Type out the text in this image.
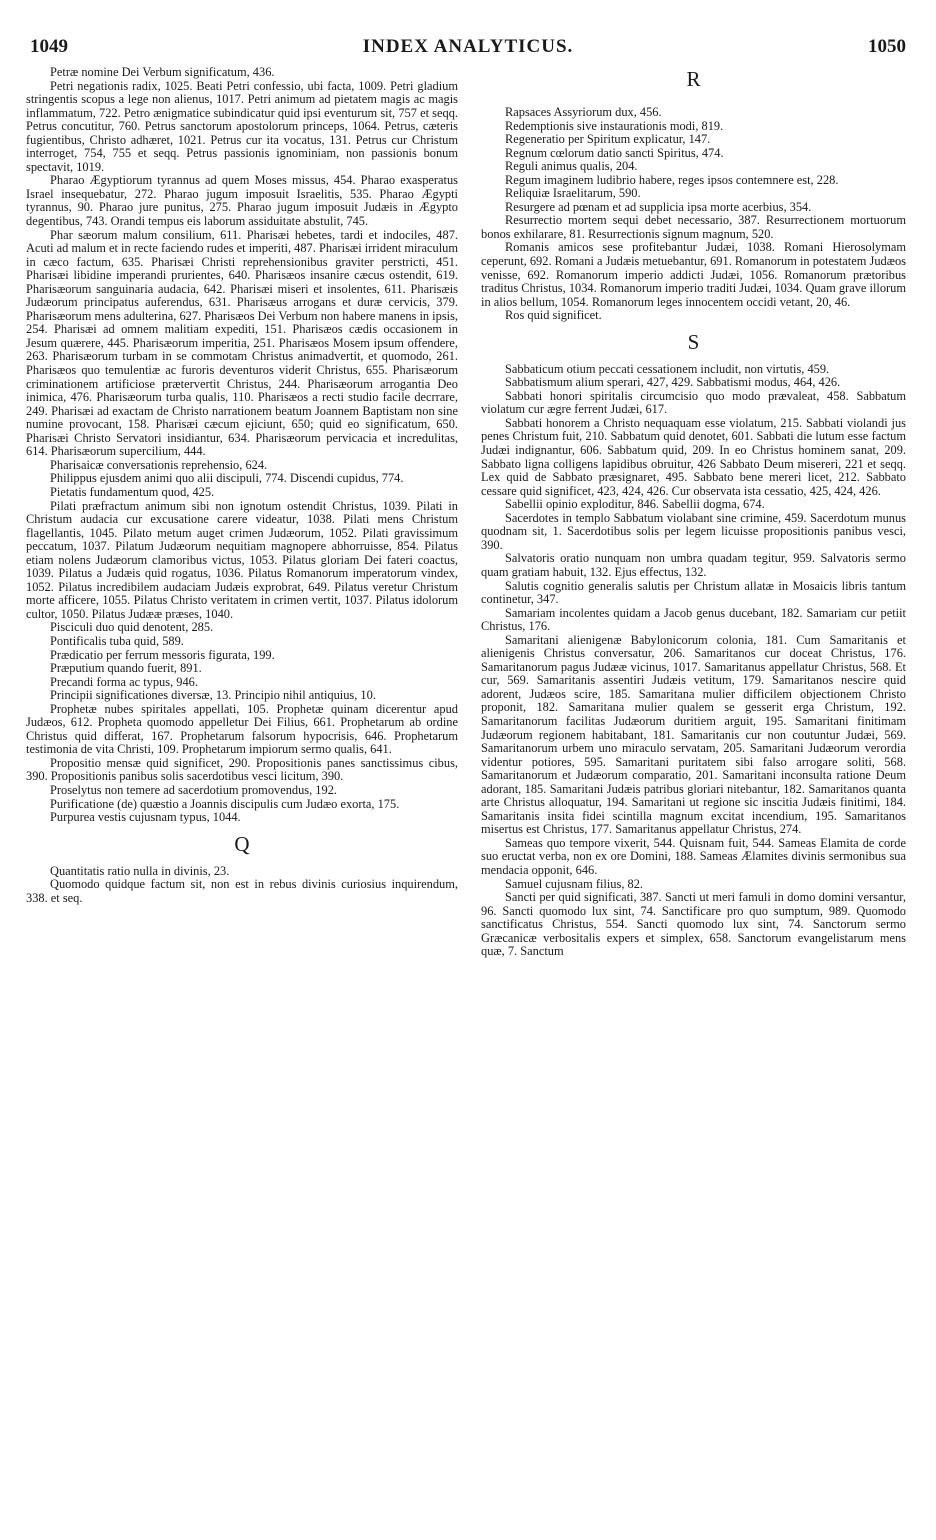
1049	INDEX ANALYTICUS.	1050

Petræ nomine Dei Verbum significatum, 436.

Petri negationis radix, 1025. Beati Petri confessio, ubi facta, 1009. Petri gladium stringentis scopus a lege non alienus, 1017. Petri animum ad pietatem magis ac magis inflammatum, 722. Petro ænigmatice subindicatur quid ipsi eventurum sit, 757 et seqq. Petrus concutitur, 760. Petrus sanctorum apostolorum princeps, 1064. Petrus, cæteris fugientibus, Christo adhæret, 1021. Petrus cur ita vocatus, 131. Petrus cur Christum interroget, 754, 755 et seqq. Petrus passionis ignominiam, non passionis bonum spectavit, 1019.

Pharao Ægyptiorum tyrannus ad quem Moses missus, 454. Pharao exasperatus Israel insequebatur, 272. Pharao jugum imposuit Israelitis, 535. Pharao Ægypti tyrannus, 90. Pharao jure punitus, 275. Pharao jugum imposuit Judæis in Ægypto degentibus, 743. Orandi tempus eis laborum assiduitate abstulit, 745.

Phar sæorum malum consilium, 611. Pharisæi hebetes, tardi et indociles, 487. Acuti ad malum et in recte faciendo rudes et imperiti, 487. Pharisæi irrident miraculum in cæco factum, 635. Pharisæi Christi reprehensionibus graviter perstricti, 451. Pharisæi libidine imperandi prurientes, 640. Pharisæos insanire cæcus ostendit, 619. Pharisæorum sanguinaria audacia, 642. Pharisæi miseri et insolentes, 611. Pharisæis Judæorum principatus auferendus, 631. Pharisæus arrogans et duræ cervicis, 379. Pharisæorum mens adulterina, 627. Pharisæos Dei Verbum non habere manens in ipsis, 254. Pharisæi ad omnem malitiam expediti, 151. Pharisæos cædis occasionem in Jesum quærere, 445. Pharisæorum imperitia, 251. Pharisæos Mosem ipsum offendere, 263. Pharisæorum turbam in se commotam Christus animadvertit, et quomodo, 261. Pharisæos quo temulentiæ ac furoris deventuros viderit Christus, 655. Pharisæorum criminationem artificiose prætervertit Christus, 244. Pharisæorum arrogantia Deo inimica, 476. Pharisæorum turba qualis, 110. Pharisæos a recti studio facile decrrare, 249. Pharisæi ad exactam de Christo narrationem beatum Joannem Baptistam non sine numine provocant, 158. Pharisæi cæcum ejiciunt, 650; quid eo significatum, 650. Pharisæi Christo Servatori insidiantur, 634. Pharisæorum pervicacia et incredulitas, 614. Pharisæorum supercilium, 444.

Pharisaicæ conversationis reprehensio, 624.

Philippus ejusdem animi quo alii discipuli, 774. Discendi cupidus, 774.

Pietatis fundamentum quod, 425.

Pilati præfractum animum sibi non ignotum ostendit Christus, 1039. Pilati in Christum audacia cur excusatione carere videatur, 1038. Pilati mens Christum flagellantis, 1045. Pilato metum auget crimen Judæorum, 1052. Pilati gravissimum peccatum, 1037. Pilatum Judæorum nequitiam magnopere abhorruisse, 854. Pilatus etiam nolens Judæorum clamoribus victus, 1053. Pilatus gloriam Dei fateri coactus, 1039. Pilatus a Judæis quid rogatus, 1036. Pilatus Romanorum imperatorum vindex, 1052. Pilatus incredibilem audaciam Judæis exprobrat, 649. Pilatus veretur Christum morte afficere, 1055. Pilatus Christo veritatem in crimen vertit, 1037. Pilatus idolorum cultor, 1050. Pilatus Judææ præses, 1040.

Pisciculi duo quid denotent, 285.

Pontificalis tuba quid, 589.

Prædicatio per ferrum messoris figurata, 199.

Præputium quando fuerit, 891.

Precandi forma ac typus, 946.

Principii significationes diversæ, 13. Principio nihil antiquius, 10.

Prophetæ nubes spiritales appellati, 105. Prophetæ quinam dicerentur apud Judæos, 612. Propheta quomodo appelletur Dei Filius, 661. Prophetarum ab ordine Christus quid differat, 167. Prophetarum falsorum hypocrisis, 646. Prophetarum testimonia de vita Christi, 109. Prophetarum impiorum sermo qualis, 641.

Propositio mensæ quid significet, 290. Propositionis panes sanctissimus cibus, 390. Propositionis panibus solis sacerdotibus vesci licitum, 390.

Proselytus non temere ad sacerdotium promovendus, 192.

Purificatione (de) quæstio a Joannis discipulis cum Judæo exorta, 175.

Purpurea vestis cujusnam typus, 1044.

Q

Quantitatis ratio nulla in divinis, 23.

Quomodo quidque factum sit, non est in rebus divinis curiosius inquirendum, 338. et seq.

R

Rapsaces Assyriorum dux, 456.

Redemptionis sive instaurationis modi, 819.

Regeneratio per Spiritum explicatur, 147.

Regnum cœlorum datio sancti Spiritus, 474.

Reguli animus qualis, 204.

Regum imaginem ludibrio habere, reges ipsos contemnere est, 228.

Reliquiæ Israelitarum, 590.

Resurgere ad pœnam et ad supplicia ipsa morte acerbius, 354.

Resurrectio mortem sequi debet necessario, 387. Resurrectionem mortuorum bonos exhilarare, 81. Resurrectionis signum magnum, 520.

Romanis amicos sese profitebantur Judæi, 1038. Romani Hierosolymam ceperunt, 692. Romani a Judæis metuebantur, 691. Romanorum in potestatem Judæos venisse, 692. Romanorum imperio addicti Judæi, 1056. Romanorum prætoribus traditus Christus, 1034. Romanorum imperio traditi Judæi, 1034. Quam grave illorum in alios bellum, 1054. Romanorum leges innocentem occidi vetant, 20, 46.

Ros quid significet.

S

Sabbaticum otium peccati cessationem includit, non virtutis, 459.

Sabbatismum alium sperari, 427, 429. Sabbatismi modus, 464, 426.

Sabbati honori spiritalis circumcisio quo modo prævaleat, 458. Sabbatum violatum cur ægre ferrent Judæi, 617.

Sabbati honorem a Christo nequaquam esse violatum, 215. Sabbati violandi jus penes Christum fuit, 210. Sabbatum quid denotet, 601. Sabbati die lutum esse factum Judæi indignantur, 606. Sabbatum quid, 209. In eo Christus hominem sanat, 209. Sabbato ligna colligens lapidibus obruitur, 426 Sabbato Deum misereri, 221 et seqq. Lex quid de Sabbato præsignaret, 495. Sabbato bene mereri licet, 212. Sabbato cessare quid significet, 423, 424, 426. Cur observata ista cessatio, 425, 424, 426.

Sabellii opinio exploditur, 846. Sabellii dogma, 674.

Sacerdotes in templo Sabbatum violabant sine crimine, 459. Sacerdotum munus quodnam sit, 1. Sacerdotibus solis per legem licuisse propositionis panibus vesci, 390.

Salvatoris oratio nunquam non umbra quadam tegitur, 959. Salvatoris sermo quam gratiam habuit, 132. Ejus effectus, 132.

Salutis cognitio generalis salutis per Christum allatæ in Mosaicis libris tantum continetur, 347.

Samariam incolentes quidam a Jacob genus ducebant, 182. Samariam cur petiit Christus, 176.

Samaritani alienigenæ Babylonicorum colonia, 181. Cum Samaritanis et alienigenis Christus conversatur, 206. Samaritanos cur doceat Christus, 176. Samaritanorum pagus Judææ vicinus, 1017. Samaritanus appellatur Christus, 568. Et cur, 569. Samaritanis assentiri Judæis vetitum, 179. Samaritanos nescire quid adorent, Judæos scire, 185. Samaritana mulier difficilem objectionem Christo proponit, 182. Samaritana mulier qualem se gesserit erga Christum, 192. Samaritanorum facilitas Judæorum duritiem arguit, 195. Samaritani finitimam Judæorum regionem habitabant, 181. Samaritanis cur non coutuntur Judæi, 569. Samaritanorum urbem uno miraculo servatam, 205. Samaritani Judæorum verordia videntur potiores, 595. Samaritani puritatem sibi falso arrogare soliti, 568. Samaritanorum et Judæorum comparatio, 201. Samaritani inconsulta ratione Deum adorant, 185. Samaritani Judæis patribus gloriari nitebantur, 182. Samaritanos quanta arte Christus alloquatur, 194. Samaritani ut regione sic inscitia Judæis finitimi, 184. Samaritanis insita fidei scintilla magnum excitat incendium, 195. Samaritanos misertus est Christus, 177. Samaritanus appellatur Christus, 274.

Sameas quo tempore vixerit, 544. Quisnam fuit, 544. Sameas Elamita de corde suo eructat verba, non ex ore Domini, 188. Sameas Ælamites divinis sermonibus sua mendacia opponit, 646.

Samuel cujusnam filius, 82.

Sancti per quid significati, 387. Sancti ut meri famuli in domo domini versantur, 96. Sancti quomodo lux sint, 74. Sanctificare pro quo sumptum, 989. Quomodo sanctificatus Christus, 554. Sancti quomodo lux sint, 74. Sanctorum sermo Græcanicæ verbositalis expers et simplex, 658. Sanctorum evangelistarum mens quæ, 7. Sanctum
